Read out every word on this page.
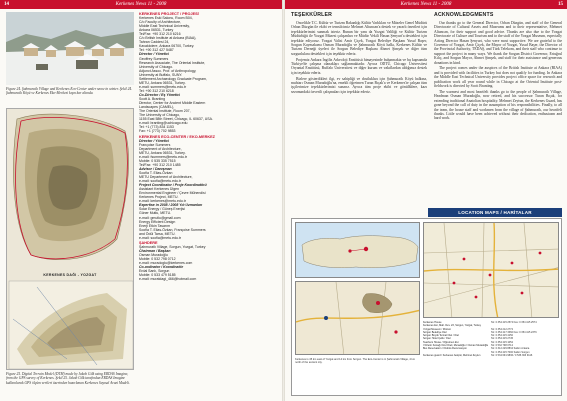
14	Kerkenes News 11 - 2008
Figure 24. Şahmuratlı Village and Kerkenes Eco-Center under snow in winter. Şekil 24. Şahmuratlı Köyü ve Kerkenes Eko-Merkezi kışın kar altında.
KERKENES DAĞI - YOZGAT
Figure 25. Digital Terrain Model (DTM) made by Jakob Gilk using ERDAS Imagine, from the GPS survey of Kerkenes. Şekil 25. Jakob Gilk tarafından ERDAS Imagine kullanılarak GPS ölçüm verileri üzerinden hazırlanan Kerkenes Sayısal Arazi Modeli.
KERKENES PROJECT / PROJESİ
Kerkenes Eski Salonu, Room B04,
C/o Faculty of Architecture,
Middle East Technical University,
Ankara 06531, Turkey
Tel/Fax: +90 312 210 6216
C/o British Institute at Ankara (BIAA),
Tahran Caddesi 24,
Kavaklıdere, Ankara 06700, Turkey.
Tel: +90 312 427 5487
Director / Yönetici
Geoffrey Summers
Research Associate, The Oriental Institute,
University of Chicago.
Adjunct Assoc. Prof. of Anthropology,
University at Buffalo, SUNY.
Settlement Archaeology Graduate Program,
METU, Ankara 06531, Turkey.
e-mail: summers@metu.edu.tr
Tel: +90 312 210 6218
Co-Director / Eş Yönetici
Scott A. Branting
Director, Center for Ancient Middle Eastern
Landscapes (CAMEL),
The Oriental Institute, Room 207,
The University of Chicago,
1155 East 58th Street, Chicago, IL 60637, USA.
e-mail: branting@uchicago.edu
Tel: +1 (773) 834 1153
Fax: +1 (773) 702 9853
KERKENES ECO-CENTER / EKO-MERKEZ
Director / Yönetici
Françoise Summers
Department of Architecture,
METU, Ankara 06531, Turkey.
e-mail: fsummers@metu.edu.tr
Mobile: 0 535 335 7515
Tel/Fax: +90 312 210 1485
Advisor / Danışman
Soofia T. Elias-Özkan
METU Department of Architecture,
e-mail: soofia@metu.edu.tr
Project Coordinator / Proje Koordinatörü
Assistant Kerkenes Ülgen
Environmental Engineer / Çevre Mühendisi
Kerkenes Project, METU.
e-mail: kerkenes@metu.edu.tr
Expertise in 2008 / 2008 Yılı Uzmanları
Solar Energy / Güneş Enerjisi
Güner Mutlu, METU.
e-mail: gmutlu@gmail.com
Energy Efficient Design
Enerji Etkin Tasarım
Soofia T. Elias-Özkan, Françoise Summers
and Ödül Tarsa, METU.
e-mail: soofia@metu.edu.tr
ŞAHDERE
Şahmuratlı Village, Sorgun, Yozgat, Turkey
Chairman / Başkan
Osman Muradoğlu
Mobile: 0 532 798 0712
e-mail: muradoglu@kerkenes.com
Co-ordinator / Koordinatör
Erdal Sanlı, Sorgun
Mobile: 0 533 479 5185
e-mail: muratdagi_466@hotmail.com
Kerkenes News 11 - 2008	15
TEŞEKKÜRLER

Öncelikle T.C. Kültür ve Turizm Bakanlığı Kültür Varlıkları ve Müzeler Genel Müdürü Orhan Düzgün ile ekibi ve temsilcimiz Mehmet Altuncan'a destek ve yararlı önerileri için teşekkürlerimizi sunmak isteriz. Bunun bir yanı da Yozgat Valiliği ve Kültür Turizm Müdürlüğü ile Yozgat Müzesi çalışanları ve Müdür Vekili Hasan Şenyurt'a destekleri için teşekkür ediyoruz. Yozgat Valisi Amir Çiçek, Yozgat Belediye Başkanı Yusuf Başer, Sorgun Kaymakamı Osman Muradoğlu ve Şahmuratlı Köyü halkı, Kerkenes Kültür ve Turizm Derneği üyeleri ile Sorgun Belediye Başkanı Ahmet Şimşek ve diğer tüm sorgunlulara destekleri için teşekkür ederiz.

Projemiz Ankara İngiliz Arkeoloji Enstitüsü himayesinde bulunmakta ve bu kapsamda Türkiye'de çalışma olanakları sağlanmaktadır. Ayrıca ODTÜ, Chicago Üniversitesi Oryantal Enstitüsü, Buffalo Üniversitesi ve diğer kurum ve vakıflardan aldığımız destek için teşekkür ederiz.

Bizlere gösterdikleri ilgi, ev sahipliği ve dostlukları için Şahmuratlı Köyü halkına, muhtarı Osman Muradoğlu'na, emekli öğretmen Turan Bıçak'a ve Kerkenes'te çalışan tüm işçilerimize teşekkürlerimizi sunarız. Ayrıca tüm proje ekibi ve gönüllülere, kazı sezonundaki özverili çalışmaları için teşekkür ederiz.

ACKNOWLEDGMENTS

Our thanks go to the General Director, Orhan Düzgün, and staff of the General Directorate of Cultural Assets and Museums and to their representative, Mehmet Altuncan, for their support and good advice. Thanks are also due to the Yozgat Directorate of Culture and Tourism and to the staff of the Yozgat Museum, especially Acting Director Hasan Şenyurt, who were most supportive. We are grateful to the Governor of Yozgat, Amir Çiçek, the Mayor of Yozgat, Yusuf Başer, the Director of the Provincial Authority, TEDAŞ, and Türk Telekom, and their staff who continue to support the project in many ways. We thank the Sorgun District Governor, Ertuğrul Kılıç, and Sorgun Mayor, Ahmet Şimşek, and staff for their assistance and generous donations in kind.

The project comes under the auspices of the British Institute at Ankara (BIAA) and is provided with facilities in Turkey but does not qualify for funding. In Ankara the Middle East Technical University provides project office space for research and publication work all year round while in Chicago at the Oriental Institute post-fieldwork is directed by Scott Branting.

The warmest and most heartfelt thanks go to the people of Şahmuratlı Village, Headman Osman Muradoğlu, now retired, and his successor Turan Bıçak, for extending traditional Anatolian hospitality. Mehmet Zeytun, the Kerkenes Guard, has gone beyond the call of duty in the assumption of his responsibilities. Finally, to all the team, the house staff and workmen from the village of Şahmuratlı, our heartfelt thanks. Little would have been achieved without their dedication, enthusiasm and hard work.

LOCATION MAPS / HARİTALAR
Kerkenes House	Tel: 0 354 415 2574 Fax: 0 354 415 2574
Kerkenes Evi, Mah. Dev. 23, Sorgun, Yozgat, Turkey
Yozgat Museum / Müzesi	Tel: 0 354 212 2772
Sorgun Belediye Otel	Tel: 0 354 417 3360 Fax: 0 354 415 2376
Sorgun Büyük Termal Otel / Otel	Tel: 0 354 415 4150
Sorgun Hotel Çelik / Otel	Tel: 0 354 415 2745
Teachers House / Öğretmen Evi	Tel: 0 354 415 1052
Yözlerin Konağı Özel Oteli, Muradoğlu / Osman Muradoğlu	Tel: 0 532 798 0712
Bus Reservation / Otobüs Rezervasyon	Tel: 0 312 229 8834 Saltım Ankara
Tel: 0 354 415 7000 Saltım Sorgun
Kerkenes guard / Kerkenes bekçisi, Mehmet Zeytun	Tel: 0 534 691 9836 / 0 536 363 9116
Kerkenes is 45 km east of Yozgat and 14 km from Sorgun. The Eco-Center is in Şahmuratlı Village, 4 km north of the ancient city.
